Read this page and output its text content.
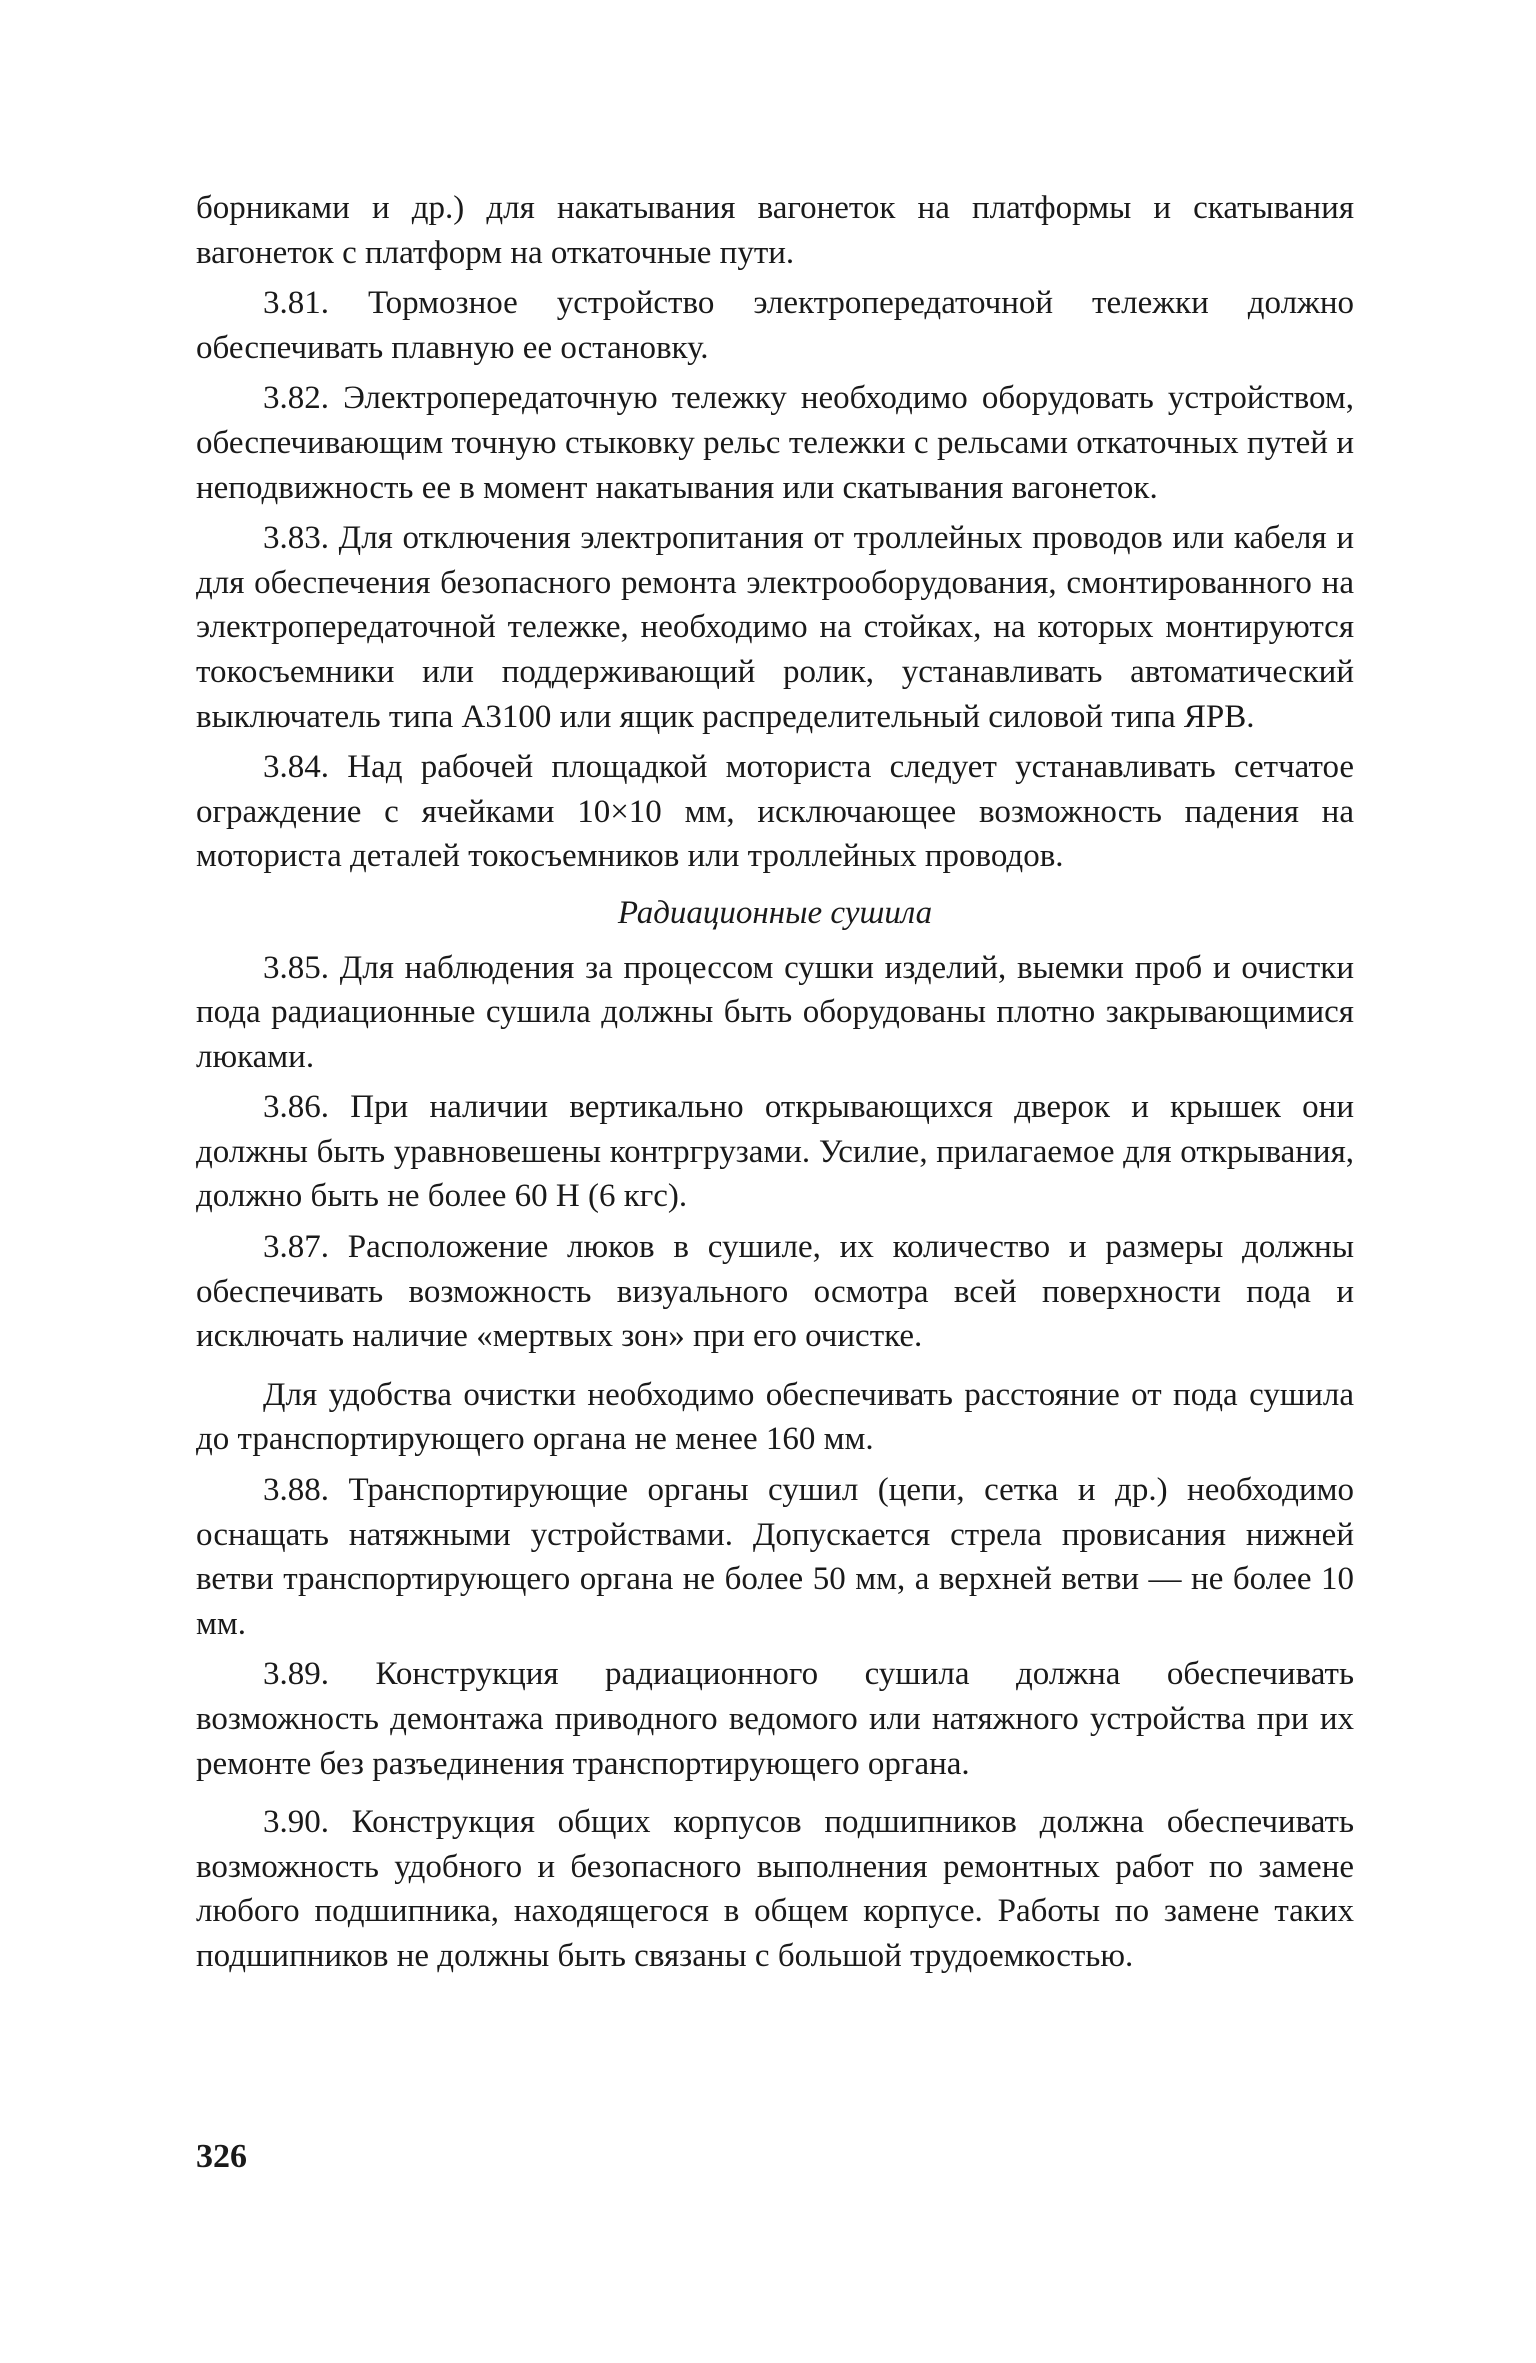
борниками и др.) для накатывания вагонеток на платформы и скатывания вагонеток с платформ на откаточные пути.

3.81. Тормозное устройство электропередаточной тележки должно обеспечивать плавную ее остановку.

3.82. Электропередаточную тележку необходимо оборудовать устройством, обеспечивающим точную стыковку рельс тележки с рельсами откаточных путей и неподвижность ее в момент накатывания или скатывания вагонеток.

3.83. Для отключения электропитания от троллейных проводов или кабеля и для обеспечения безопасного ремонта электрооборудования, смонтированного на электропередаточной тележке, необходимо на стойках, на которых монтируются токосъемники или поддерживающий ролик, устанавливать автоматический выключатель типа А3100 или ящик распределительный силовой типа ЯРВ.

3.84. Над рабочей площадкой моториста следует устанавливать сетчатое ограждение с ячейками 10×10 мм, исключающее возможность падения на моториста деталей токосъемников или троллейных проводов.

Радиационные сушила

3.85. Для наблюдения за процессом сушки изделий, выемки проб и очистки пода радиационные сушила должны быть оборудованы плотно закрывающимися люками.

3.86. При наличии вертикально открывающихся дверок и крышек они должны быть уравновешены контргрузами. Усилие, прилагаемое для открывания, должно быть не более 60 Н (6 кгс).

3.87. Расположение люков в сушиле, их количество и размеры должны обеспечивать возможность визуального осмотра всей поверхности пода и исключать наличие «мертвых зон» при его очистке.

Для удобства очистки необходимо обеспечивать расстояние от пода сушила до транспортирующего органа не менее 160 мм.

3.88. Транспортирующие органы сушил (цепи, сетка и др.) необходимо оснащать натяжными устройствами. Допускается стрела провисания нижней ветви транспортирующего органа не более 50 мм, а верхней ветви — не более 10 мм.

3.89. Конструкция радиационного сушила должна обеспечивать возможность демонтажа приводного ведомого или натяжного устройства при их ремонте без разъединения транспортирующего органа.

3.90. Конструкция общих корпусов подшипников должна обеспечивать возможность удобного и безопасного выполнения ремонтных работ по замене любого подшипника, находящегося в общем корпусе. Работы по замене таких подшипников не должны быть связаны с большой трудоемкостью.

326
